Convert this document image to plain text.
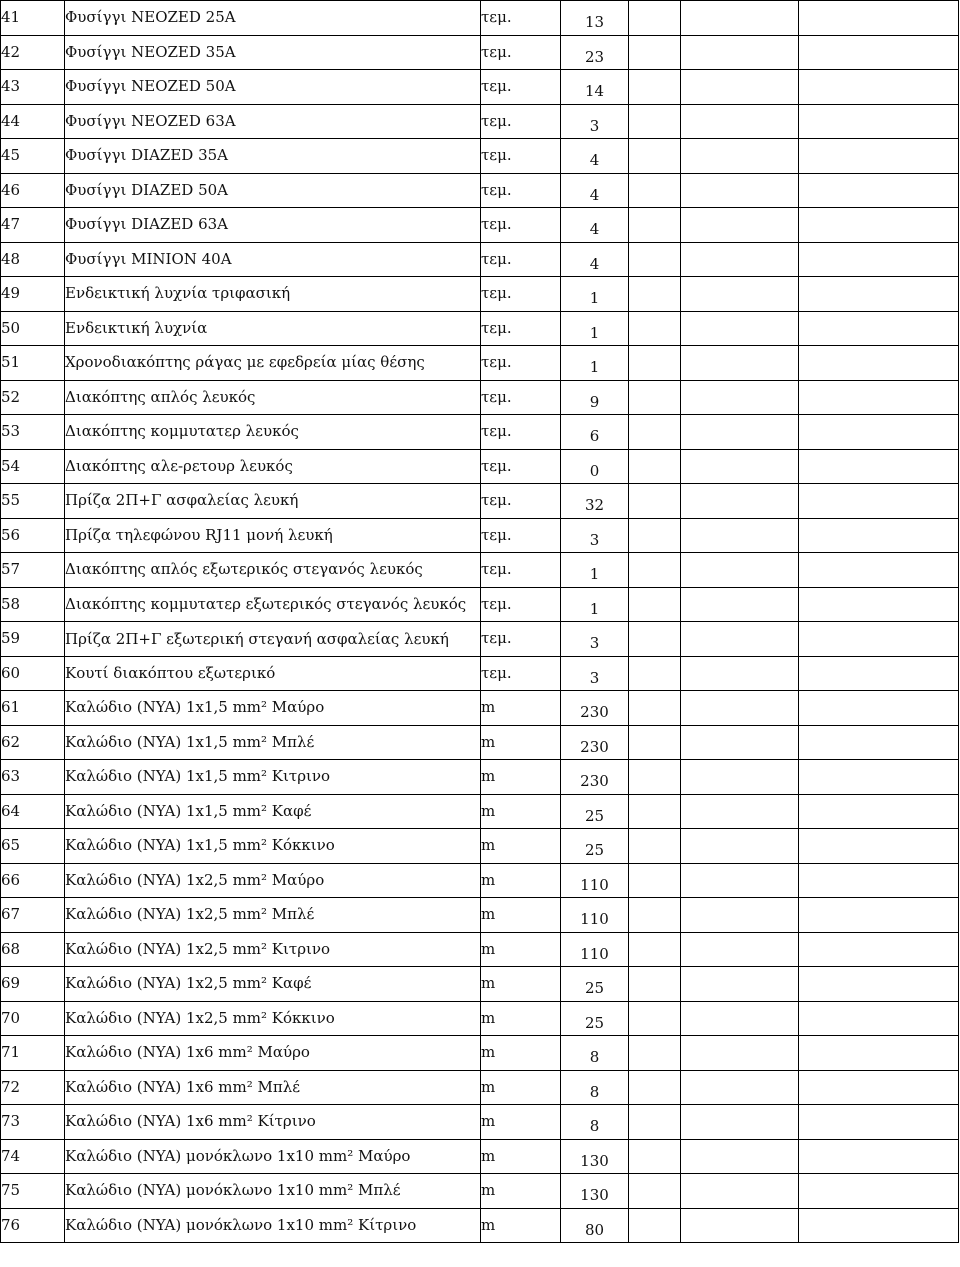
41	Φυσίγγι NEOZED 25A	τεμ.	13			
42	Φυσίγγι NEOZED 35A	τεμ.	23			
43	Φυσίγγι NEOZED 50A	τεμ.	14			
44	Φυσίγγι NEOZED 63A	τεμ.	3			
45	Φυσίγγι DIAZED 35A	τεμ.	4			
46	Φυσίγγι DIAZED 50A	τεμ.	4			
47	Φυσίγγι DIAZED 63A	τεμ.	4			
48	Φυσίγγι MINION 40A	τεμ.	4			
49	Ενδεικτική λυχνία τριφασική	τεμ.	1			
50	Ενδεικτική λυχνία	τεμ.	1			
51	Χρονοδιακόπτης ράγας με εφεδρεία μίας θέσης	τεμ.	1			
52	Διακόπτης απλός λευκός	τεμ.	9			
53	Διακόπτης κομμυτατερ λευκός	τεμ.	6			
54	Διακόπτης αλε-ρετουρ λευκός	τεμ.	0			
55	Πρίζα 2Π+Γ ασφαλείας λευκή	τεμ.	32			
56	Πρίζα τηλεφώνου RJ11 μονή λευκή	τεμ.	3			
57	Διακόπτης απλός εξωτερικός στεγανός λευκός	τεμ.	1			
58	Διακόπτης κομμυτατερ εξωτερικός στεγανός λευκός	τεμ.	1			
59	Πρίζα 2Π+Γ εξωτερική στεγανή ασφαλείας λευκή	τεμ.	3			
60	Κουτί διακόπτου εξωτερικό	τεμ.	3			
61	Καλώδιο (NYA) 1x1,5 mm² Μαύρο	m	230			
62	Καλώδιο (NYA) 1x1,5 mm² Μπλέ	m	230			
63	Καλώδιο (NYA) 1x1,5 mm² Κιτρινο	m	230			
64	Καλώδιο (NYA) 1x1,5 mm² Καφέ	m	25			
65	Καλώδιο (NYA) 1x1,5 mm² Κόκκινο	m	25			
66	Καλώδιο (NYA) 1x2,5 mm² Μαύρο	m	110			
67	Καλώδιο (NYA) 1x2,5 mm² Μπλέ	m	110			
68	Καλώδιο (NYA) 1x2,5 mm² Κιτρινο	m	110			
69	Καλώδιο (NYA) 1x2,5 mm² Καφέ	m	25			
70	Καλώδιο (NYA) 1x2,5 mm² Κόκκινο	m	25			
71	Καλώδιο (NYA) 1x6 mm² Μαύρο	m	8			
72	Καλώδιο (NYA) 1x6 mm² Μπλέ	m	8			
73	Καλώδιο (NYA) 1x6 mm² Κίτρινο	m	8			
74	Καλώδιο (NYA) μονόκλωνο 1x10 mm² Μαύρο	m	130			
75	Καλώδιο (NYA) μονόκλωνο 1x10 mm² Μπλέ	m	130			
76	Καλώδιο (NYA) μονόκλωνο 1x10 mm² Κίτρινο	m	80			
